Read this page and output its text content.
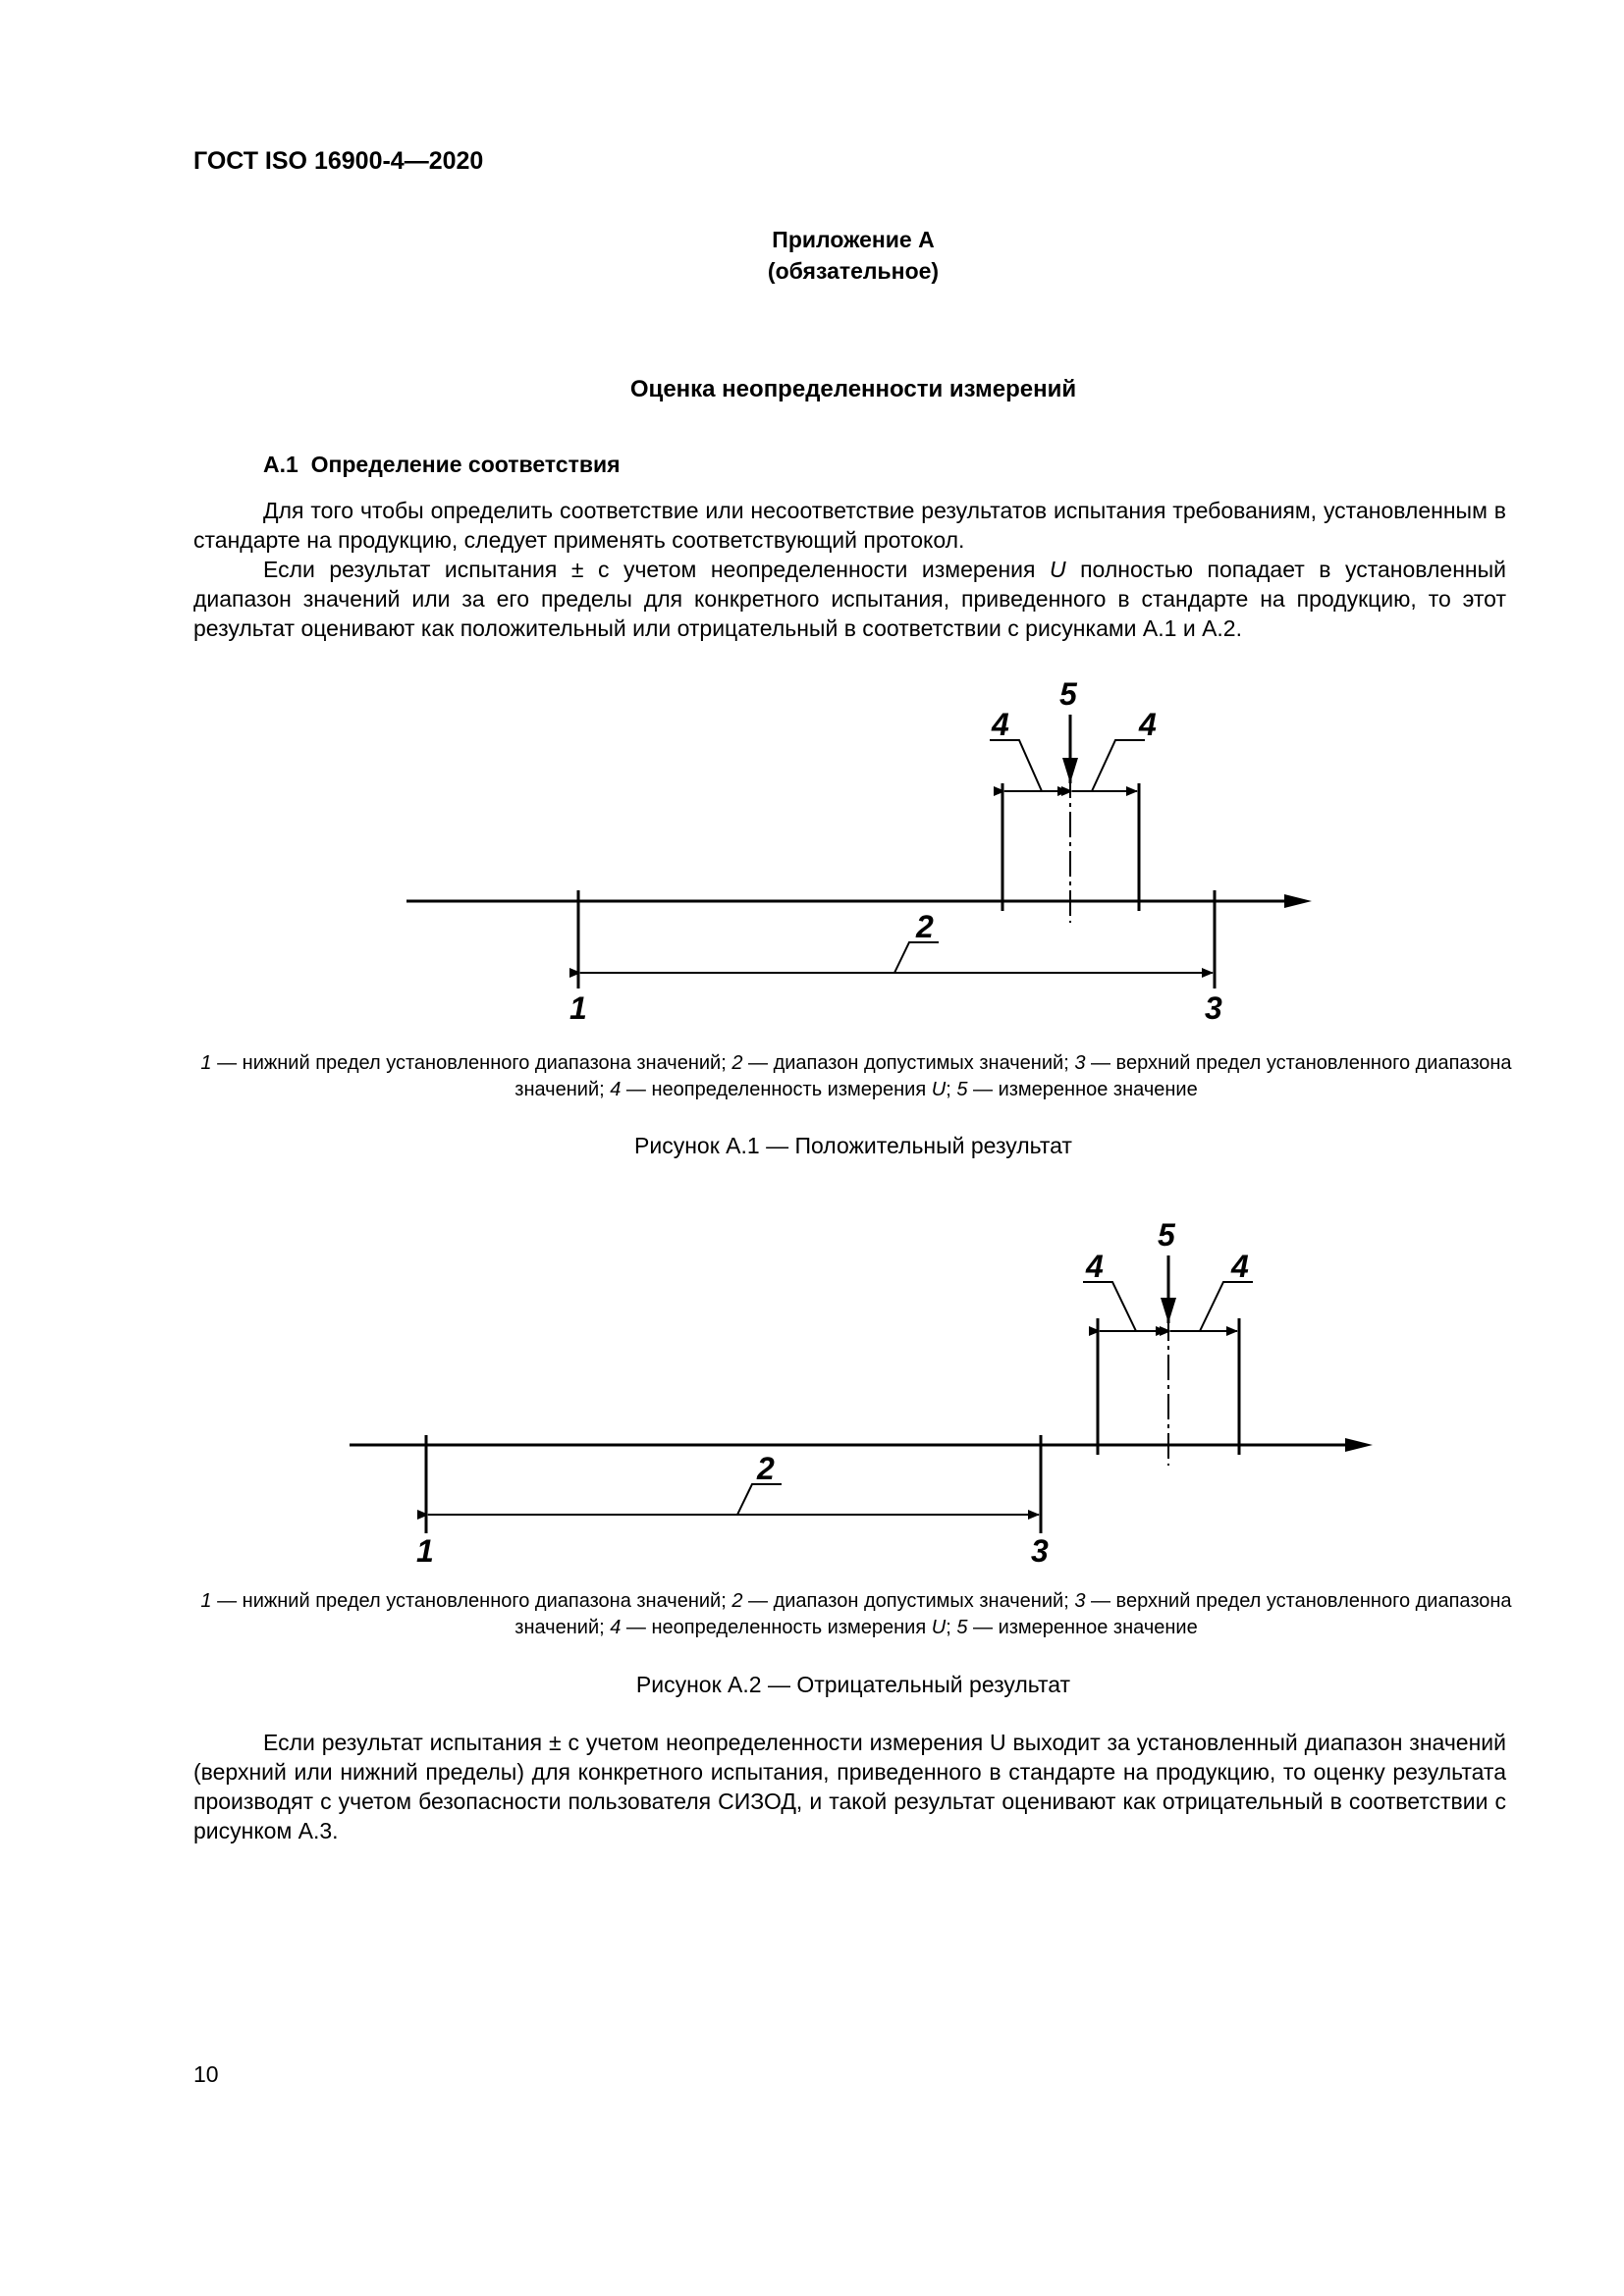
ГОСТ ISO 16900-4—2020
Приложение А
(обязательное)
Оценка неопределенности измерений
А.1 Определение соответствия
Для того чтобы определить соответствие или несоответствие результатов испытания требованиям, установленным в стандарте на продукцию, следует применять соответствующий протокол.
Если результат испытания ± с учетом неопределенности измерения U полностью попадает в установленный диапазон значений или за его пределы для конкретного испытания, приведенного в стандарте на продукцию, то этот результат оценивают как положительный или отрицательный в соответствии с рисунками А.1 и А.2.
2
1	3
4	4
5
1 — нижний предел установленного диапазона значений; 2 — диапазон допустимых значений; 3 — верхний предел установленного диапазона значений; 4 — неопределенность измерения U; 5 — измеренное значение
Рисунок А.1 — Положительный результат
2
1	3
4	4
5
1 — нижний предел установленного диапазона значений; 2 — диапазон допустимых значений; 3 — верхний предел установленного диапазона значений; 4 — неопределенность измерения U; 5 — измеренное значение
Рисунок А.2 — Отрицательный результат
Если результат испытания ± с учетом неопределенности измерения U выходит за установленный диапазон значений (верхний или нижний пределы) для конкретного испытания, приведенного в стандарте на продукцию, то оценку результата производят с учетом безопасности пользователя СИЗОД, и такой результат оценивают как отрицательный в соответствии с рисунком А.3.
10
